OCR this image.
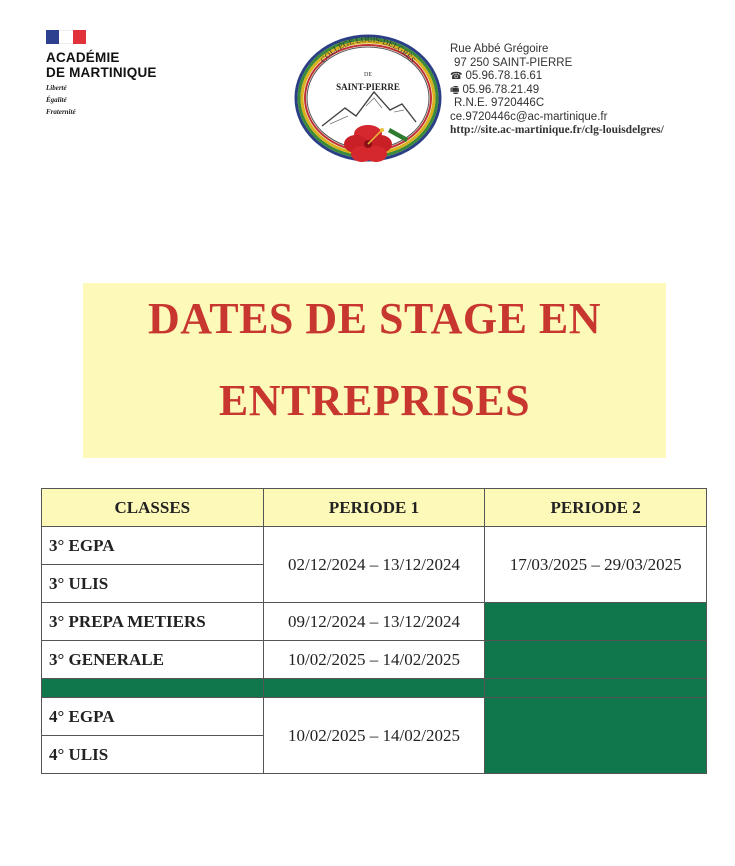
ACADÉMIE
DE MARTINIQUE
Liberté
Égalité
Fraternité
COLLÈGE LOUIS-DELGRÈS
DE
SAINT-PIERRE
Rue Abbé Grégoire
97 250 SAINT-PIERRE
☎ 05.96.78.16.61
🖷 05.96.78.21.49
R.N.E. 9720446C
ce.9720446c@ac-martinique.fr
http://site.ac-martinique.fr/clg-louisdelgres/
DATES DE STAGE EN
ENTREPRISES
CLASSES	PERIODE 1	PERIODE 2
3° EGPA	02/12/2024 – 13/12/2024	17/03/2025 – 29/03/2025
3° ULIS		
3° PREPA METIERS	09/12/2024 – 13/12/2024	
3° GENERALE	10/02/2025 – 14/02/2025	

4° EGPA	10/02/2025 – 14/02/2025	
4° ULIS		
